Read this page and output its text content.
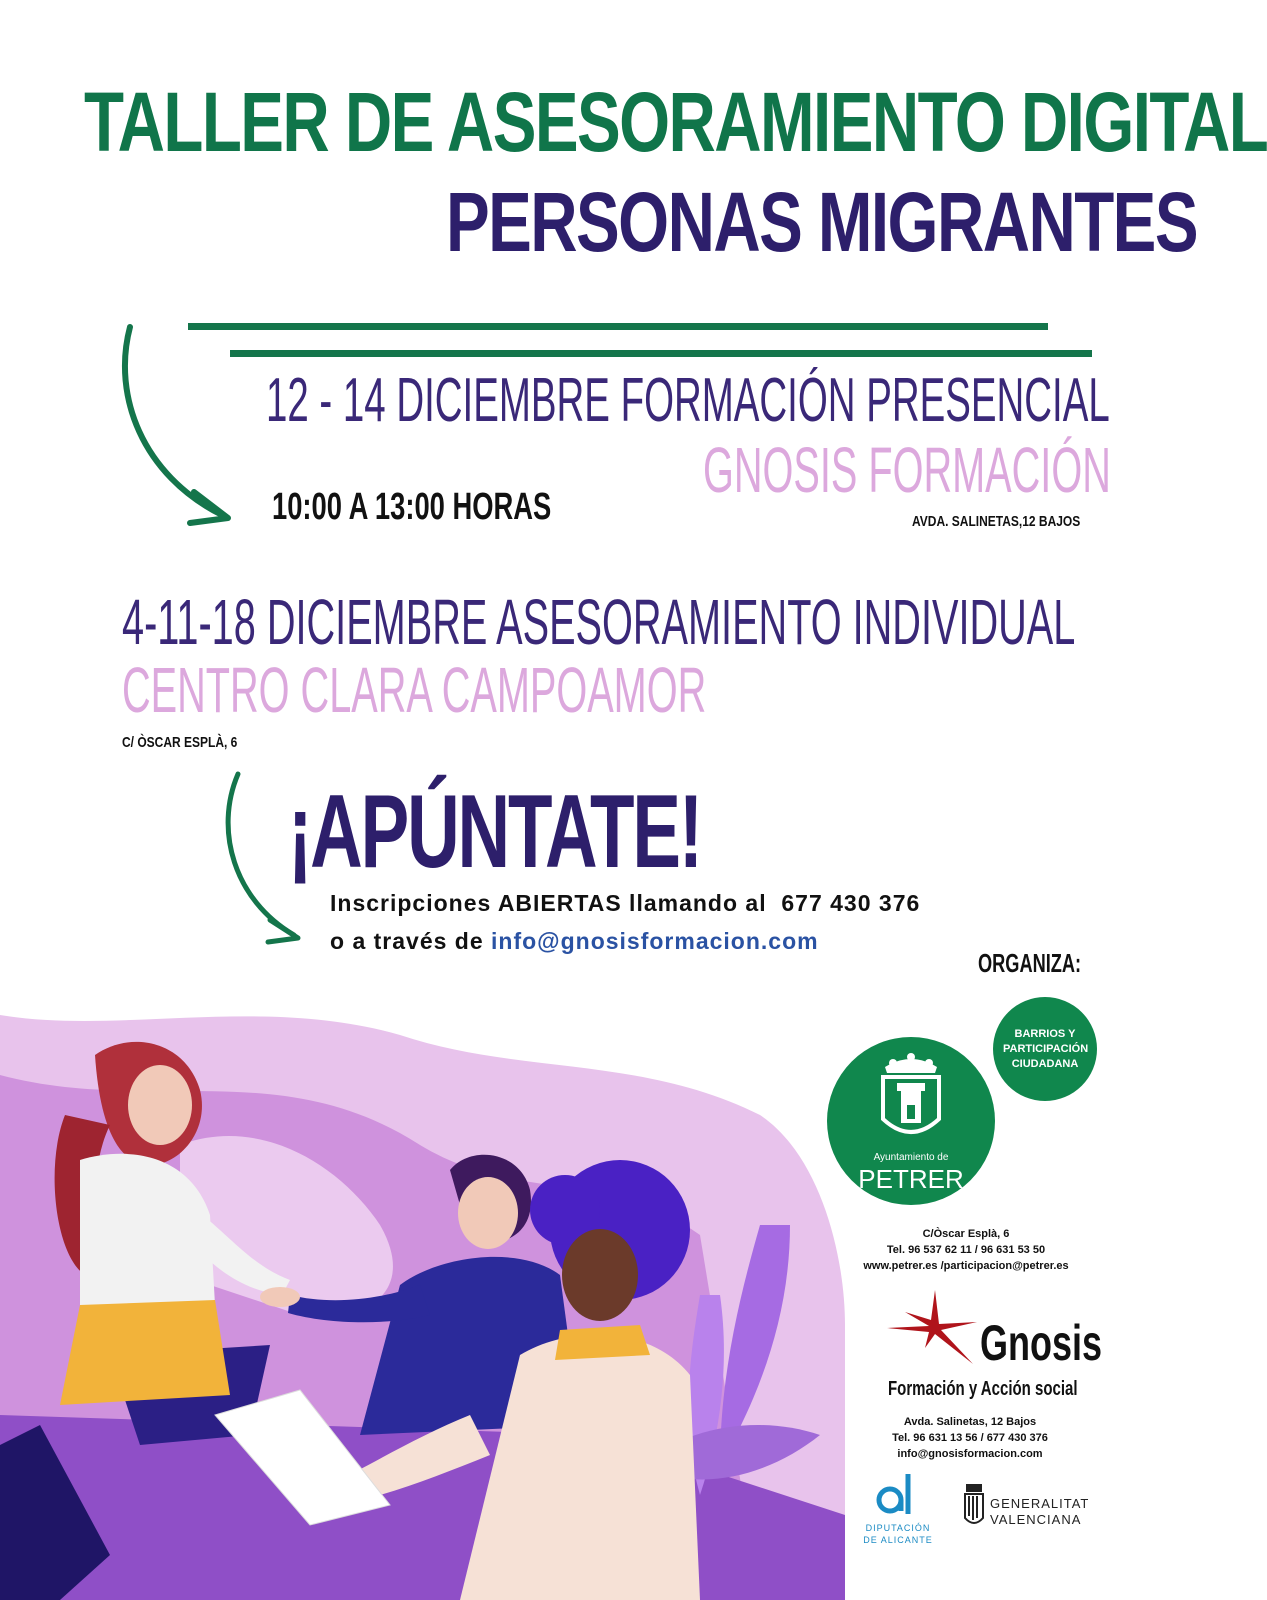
TALLER DE ASESORAMIENTO DIGITAL
PERSONAS MIGRANTES
12 - 14 DICIEMBRE FORMACIÓN PRESENCIAL
GNOSIS FORMACIÓN
10:00 A 13:00 HORAS	AVDA. SALINETAS,12 BAJOS
4-11-18 DICIEMBRE ASESORAMIENTO INDIVIDUAL
CENTRO CLARA CAMPOAMOR
C/ ÒSCAR ESPLÀ, 6
¡APÚNTATE!
Inscripciones ABIERTAS llamando al 677 430 376
o a través de info@gnosisformacion.com
ORGANIZA:
BARRIOS Y PARTICIPACIÓN CIUDADANA
Ayuntamiento de
PETRER
C/Òscar Esplà, 6
Tel. 96 537 62 11 / 96 631 53 50
www.petrer.es /participacion@petrer.es
Gnosis
Formación y Acción social
Avda. Salinetas, 12 Bajos
Tel. 96 631 13 56 / 677 430 376
info@gnosisformacion.com
DIPUTACIÓN
DE ALICANTE
GENERALITAT
VALENCIANA
